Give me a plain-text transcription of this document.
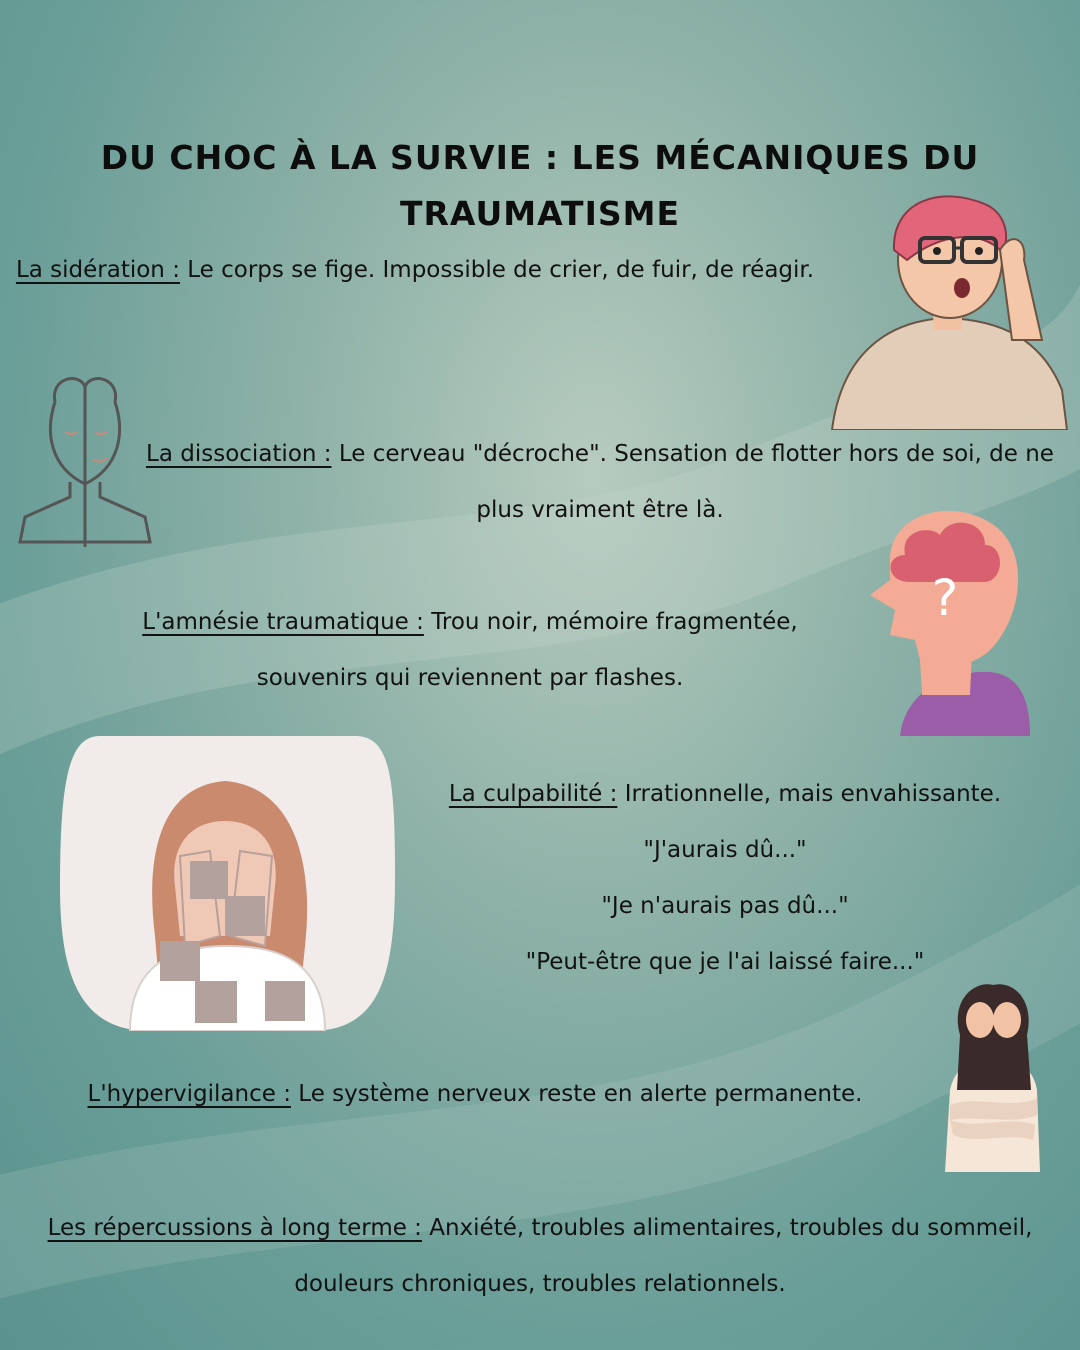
DU CHOC À LA SURVIE : LES MÉCANIQUES DU TRAUMATISME
La sidération : Le corps se fige. Impossible de crier, de fuir, de réagir.
La dissociation : Le cerveau "décroche". Sensation de flotter hors de soi, de ne plus vraiment être là.
L'amnésie traumatique : Trou noir, mémoire fragmentée, souvenirs qui reviennent par flashes.
La culpabilité : Irrationnelle, mais envahissante.
"J'aurais dû..."
"Je n'aurais pas dû..."
"Peut-être que je l'ai laissé faire..."
L'hypervigilance : Le système nerveux reste en alerte permanente.
Les répercussions à long terme : Anxiété, troubles alimentaires, troubles du sommeil, douleurs chroniques, troubles relationnels.
?
